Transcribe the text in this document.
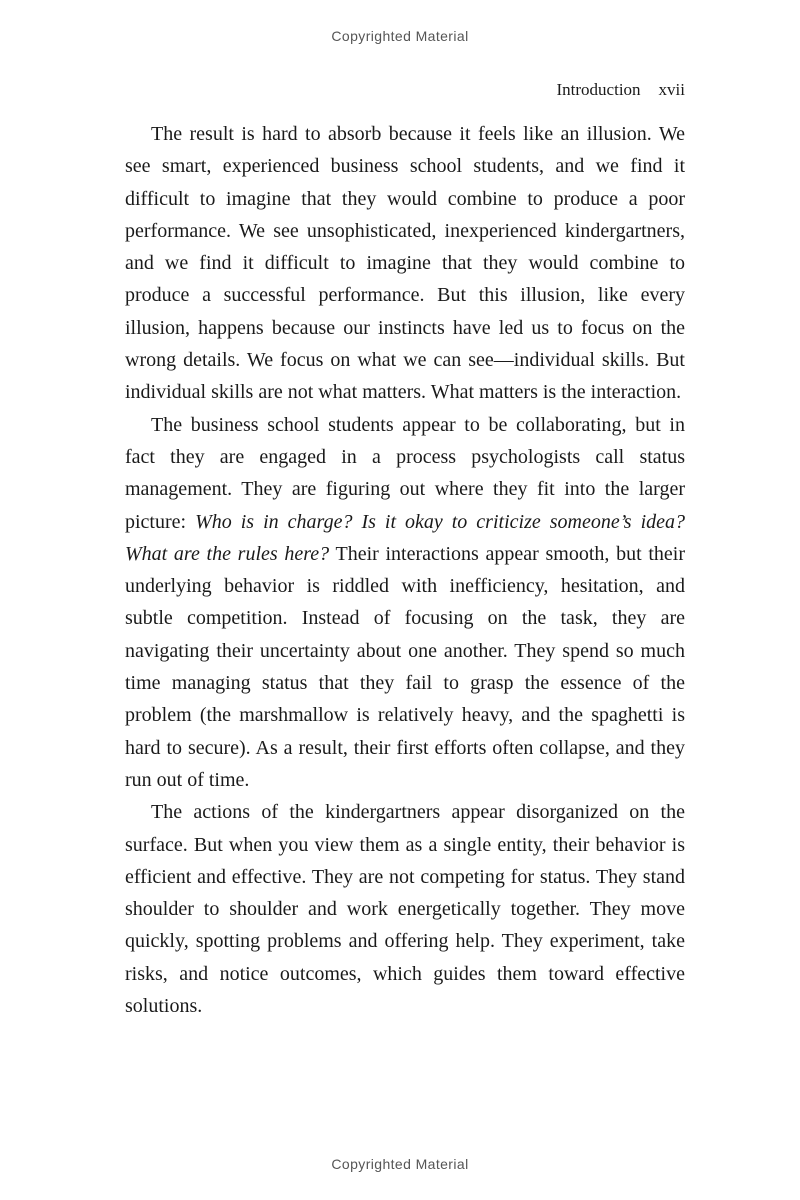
Copyrighted Material
Introduction xvii

The result is hard to absorb because it feels like an illusion. We see smart, experienced business school students, and we find it difficult to imagine that they would combine to produce a poor performance. We see unsophisticated, inexperienced kindergartners, and we find it difficult to imagine that they would combine to produce a successful performance. But this illusion, like every illusion, happens because our instincts have led us to focus on the wrong details. We focus on what we can see—individual skills. But individual skills are not what matters. What matters is the interaction.

The business school students appear to be collaborating, but in fact they are engaged in a process psychologists call status management. They are figuring out where they fit into the larger picture: Who is in charge? Is it okay to criticize someone’s idea? What are the rules here? Their interactions appear smooth, but their underlying behavior is riddled with inefficiency, hesitation, and subtle competition. Instead of focusing on the task, they are navigating their uncertainty about one another. They spend so much time managing status that they fail to grasp the essence of the problem (the marshmallow is relatively heavy, and the spaghetti is hard to secure). As a result, their first efforts often collapse, and they run out of time.

The actions of the kindergartners appear disorganized on the surface. But when you view them as a single entity, their behavior is efficient and effective. They are not competing for status. They stand shoulder to shoulder and work energetically together. They move quickly, spotting problems and offering help. They experiment, take risks, and notice outcomes, which guides them toward effective solutions.

Copyrighted Material
